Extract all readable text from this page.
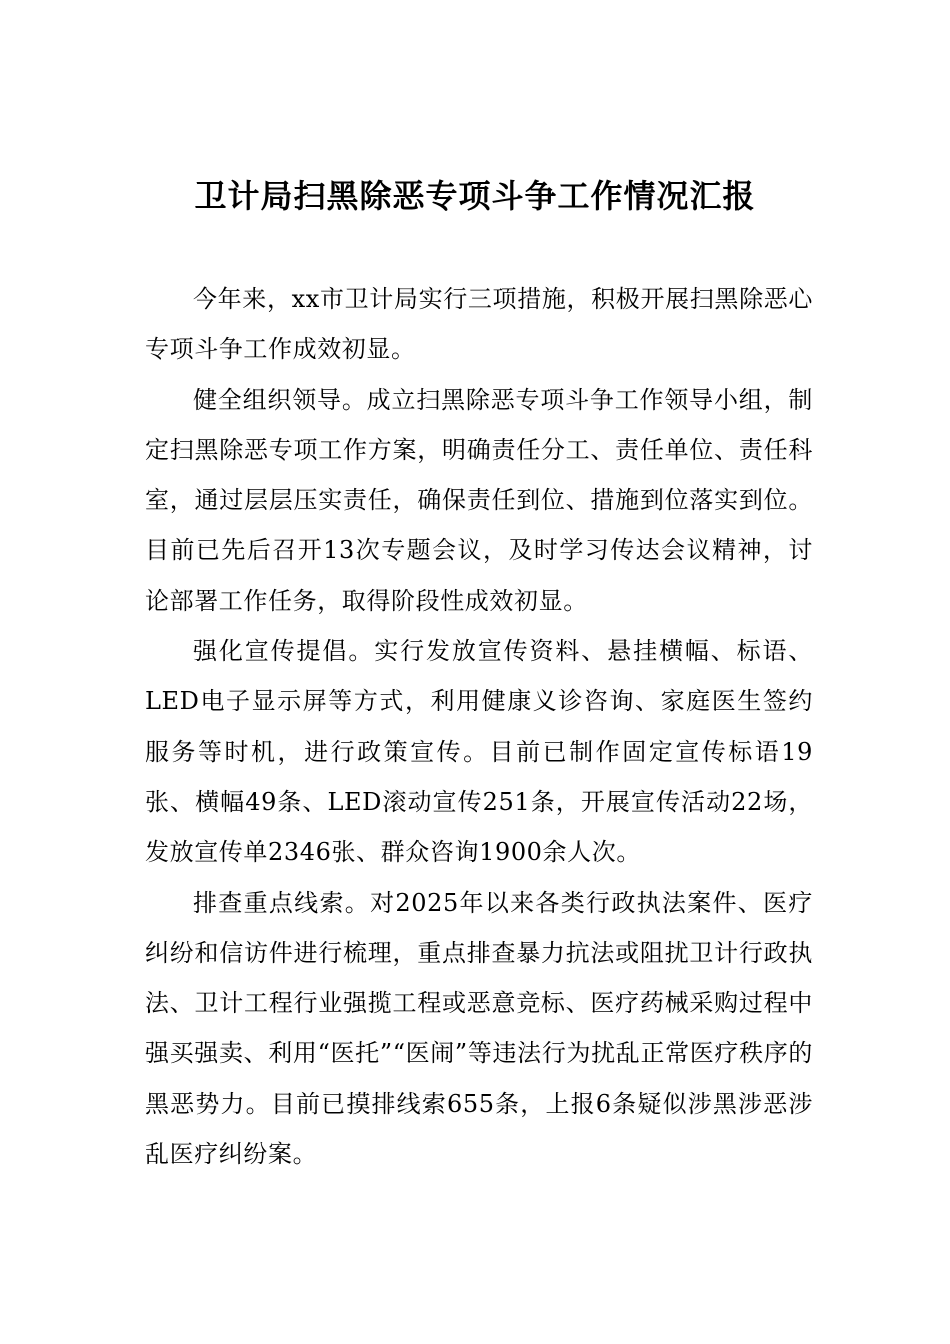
卫计局扫黑除恶专项斗争工作情况汇报

今年来，xx市卫计局实行三项措施，积极开展扫黑除恶心专项斗争工作成效初显。

健全组织领导。成立扫黑除恶专项斗争工作领导小组，制定扫黑除恶专项工作方案，明确责任分工、责任单位、责任科室，通过层层压实责任，确保责任到位、措施到位落实到位。目前已先后召开13次专题会议，及时学习传达会议精神，讨论部署工作任务，取得阶段性成效初显。

强化宣传提倡。实行发放宣传资料、悬挂横幅、标语、LED电子显示屏等方式，利用健康义诊咨询、家庭医生签约服务等时机，进行政策宣传。目前已制作固定宣传标语19张、横幅49条、LED滚动宣传251条，开展宣传活动22场，发放宣传单2346张、群众咨询1900余人次。

排查重点线索。对2025年以来各类行政执法案件、医疗纠纷和信访件进行梳理，重点排查暴力抗法或阻扰卫计行政执法、卫计工程行业强揽工程或恶意竞标、医疗药械采购过程中强买强卖、利用“医托”“医闹”等违法行为扰乱正常医疗秩序的黑恶势力。目前已摸排线索655条，上报6条疑似涉黑涉恶涉乱医疗纠纷案。
